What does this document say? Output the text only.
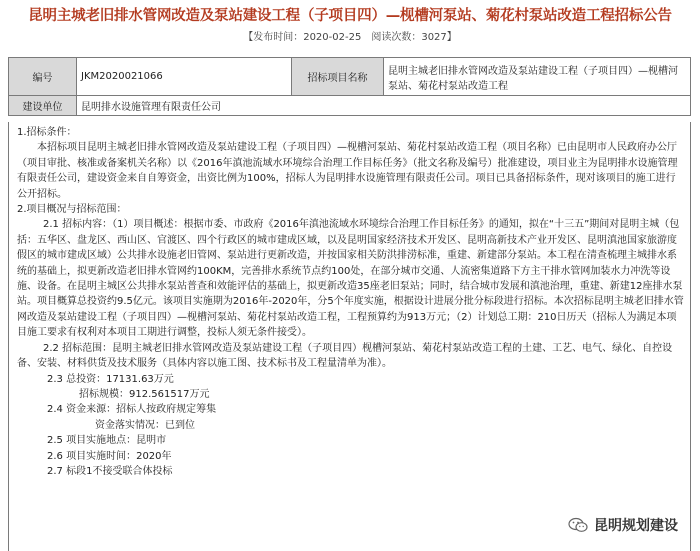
昆明主城老旧排水管网改造及泵站建设工程（子项目四）—枧槽河泵站、菊花村泵站改造工程招标公告
【发布时间：2020-02-25 阅读次数：3027】
编号	JKM2020021066	招标项目名称	昆明主城老旧排水管网改造及泵站建设工程（子项目四）—枧槽河泵站、菊花村泵站改造工程
建设单位	昆明排水设施管理有限责任公司		

1.招标条件：

本招标项目昆明主城老旧排水管网改造及泵站建设工程（子项目四）—枧槽河泵站、菊花村泵站改造工程（项目名称）已由昆明市人民政府办公厅（项目审批、核准或备案机关名称）以《2016年滇池流域水环境综合治理工作目标任务》（批文名称及编号）批准建设，项目业主为昆明排水设施管理有限责任公司，建设资金来自自筹资金，出资比例为100%，招标人为昆明排水设施管理有限责任公司。项目已具备招标条件，现对该项目的施工进行公开招标。

2.项目概况与招标范围：

2.1 招标内容：（1）项目概述：根据市委、市政府《2016年滇池流域水环境综合治理工作目标任务》的通知，拟在“十三五”期间对昆明主城（包括：五华区、盘龙区、西山区、官渡区、四个行政区的城市建成区域，以及昆明国家经济技术开发区、昆明高新技术产业开发区、昆明滇池国家旅游度假区的城市建成区域）公共排水设施老旧管网、泵站进行更新改造，并按国家相关防洪排涝标准，重建、新建部分泵站。本工程在清查梳理主城排水系统的基础上，拟更新改造老旧排水管网约100KM，完善排水系统节点约100处，在部分城市交通、人流密集道路下方主干排水管网加装水力冲洗等设施、设备。在昆明主城区公共排水泵站普查和效能评估的基础上，拟更新改造35座老旧泵站；同时，结合城市发展和滇池治理，重建、新建12座排水泵站。项目概算总投资约9.5亿元。该项目实施期为2016年-2020年，分5个年度实施，根据设计进展分批分标段进行招标。本次招标昆明主城老旧排水管网改造及泵站建设工程（子项目四）—枧槽河泵站、菊花村泵站改造工程，工程预算约为913万元；（2）计划总工期：210日历天（招标人为满足本项目施工要求有权利对本项目工期进行调整，投标人须无条件接受）。

2.2 招标范围：昆明主城老旧排水管网改造及泵站建设工程（子项目四）枧槽河泵站、菊花村泵站改造工程的土建、工艺、电气、绿化、自控设备、安装、材料供货及技术服务（具体内容以施工图、技术标书及工程量清单为准）。

2.3 总投资：17131.63万元

招标规模：912.561517万元

2.4 资金来源：招标人按政府规定筹集

资金落实情况：已到位

2.5 项目实施地点：昆明市

2.6 项目实施时间：2020年

2.7 标段1不接受联合体投标

昆明规划建设
